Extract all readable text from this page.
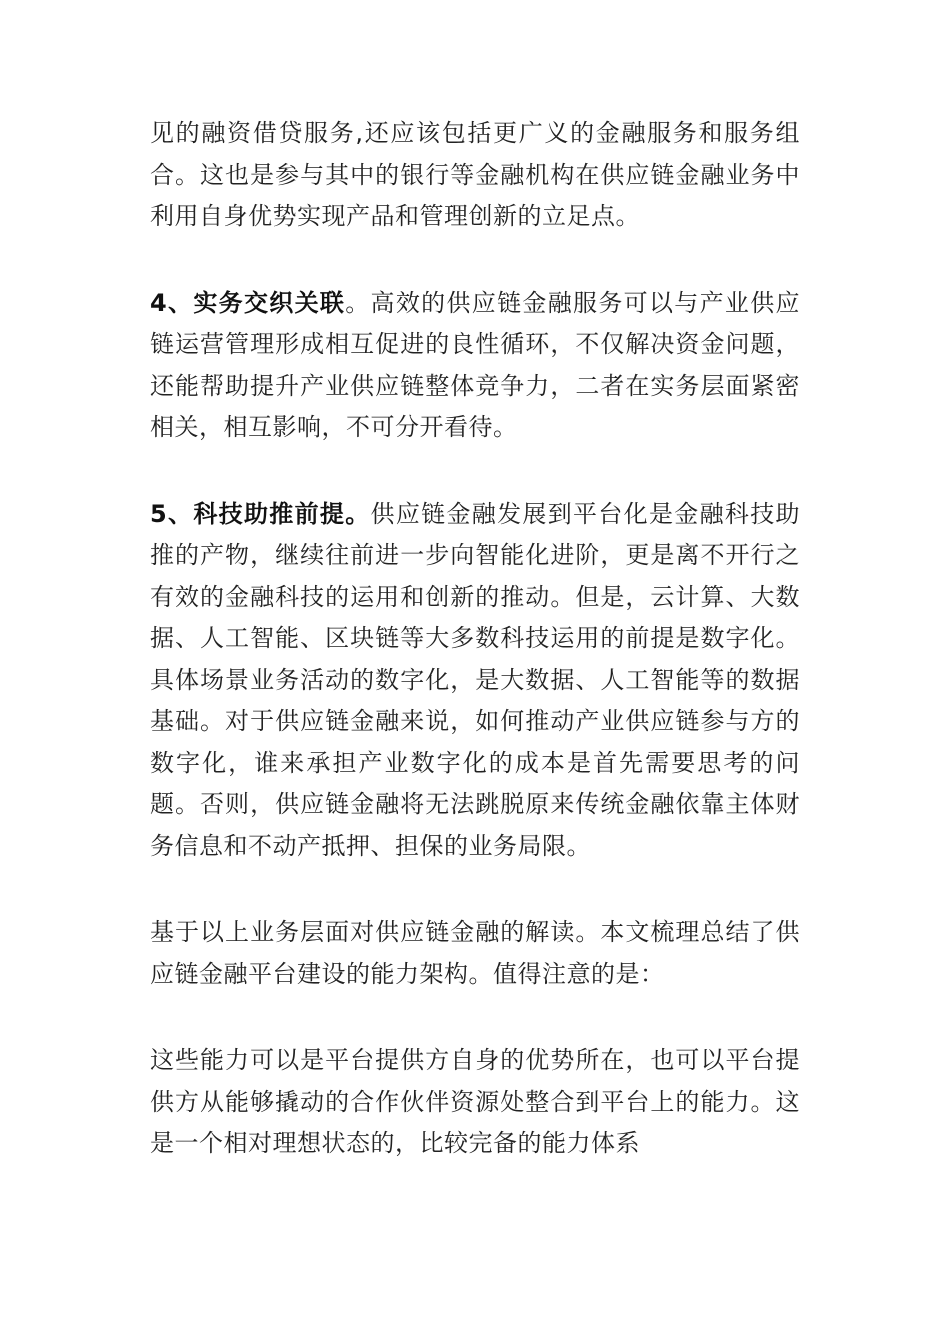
见的融资借贷服务,还应该包括更广义的金融服务和服务组合。这也是参与其中的银行等金融机构在供应链金融业务中利用自身优势实现产品和管理创新的立足点。

4、实务交织关联。高效的供应链金融服务可以与产业供应链运营管理形成相互促进的良性循环，不仅解决资金问题，还能帮助提升产业供应链整体竞争力，二者在实务层面紧密相关，相互影响，不可分开看待。

5、科技助推前提。供应链金融发展到平台化是金融科技助推的产物，继续往前进一步向智能化进阶，更是离不开行之有效的金融科技的运用和创新的推动。但是，云计算、大数据、人工智能、区块链等大多数科技运用的前提是数字化。具体场景业务活动的数字化，是大数据、人工智能等的数据基础。对于供应链金融来说，如何推动产业供应链参与方的数字化，谁来承担产业数字化的成本是首先需要思考的问题。否则，供应链金融将无法跳脱原来传统金融依靠主体财务信息和不动产抵押、担保的业务局限。

基于以上业务层面对供应链金融的解读。本文梳理总结了供应链金融平台建设的能力架构。值得注意的是：

这些能力可以是平台提供方自身的优势所在，也可以平台提供方从能够撬动的合作伙伴资源处整合到平台上的能力。这是一个相对理想状态的，比较完备的能力体系
